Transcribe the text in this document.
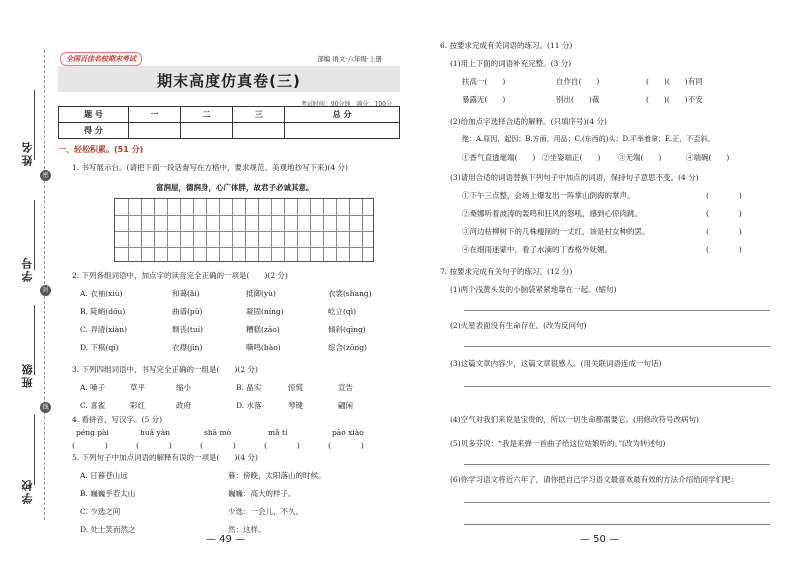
姓名
密
学号
封
班级
线
学校
全国百佳名校期末考试	部编 语文·六年级·上册
期末高度仿真卷(三)
考试时间：90分钟　满分：100分
题 号	一	二	三	总 分
得 分				
一、轻松积累。(51 分)
1. 书写展示台。(请把下面一段话誊写在方格中，要求规范、美观地抄写下来)(4 分)
富润屋，德润身，心广体胖，故君子必诚其意。
2. 下列各组词语中，加点字的读音完全正确的一项是(　　)(2 分)
A. 衣袖(xiù)	和蔼(ǎi)	抵御(yù)	衣裳(shang)
B. 陡峭(dǒu)	曲谱(pǔ)	凝固(níng)	屹立(qì)
C. 弄清(xiàn)	颓丧(tuí)	糟糕(zāo)	倾斜(qīng)
D. 下棋(qí)	衣襟(jīn)	嘶鸣(bào)	综合(zōng)
3. 下列四组词语中，书写完全正确的一组是(　　)(2 分)
A. 嗓子	草平	缩小	B. 晶实	惊慌	宣告
C. 喜雀	彩红	政府	D. 水落	琴键	翩闲
4. 看拼音，写汉字。(5 分)
péng pài
(　　　　)
huǎ yàn
(　　　　)
shā mò
(　　　　)
mǎ tí
(　　　　)
pāo xiào
(　　　　)
5. 下列句子中加点词语的解释有误的一项是(　　)(4 分)
A. 日暮苍山远	暮：傍晚，太阳落山的时候。
B. 巍巍乎若太山	巍巍：高大的样子。
C. 少选之间	少选：一会儿，不久。
D. 处士笑而然之	然：这样。
— 49 —
6. 按要求完成有关词语的练习。(11 分)
(1)用上下面的词语补充完整。(3 分)
扶高一(　　)	自作自(　　)	(　　)(　　)有同
暴露无(　　)	别出(　　)裁	(　　)(　　)不安
(2)给加点字选择合适的解释。(只填序号)(4 分)
绝：A.原因，起因；B.方面，用品；C.(东西的)头；D.平举着拿；E.正，不歪斜。
①香气直透毫端(　　) ②坐姿端正(　　) ③无端(　　)	④端碗(　　)
(3)请用合适的词语替换下列句子中加点的词语，保持句子意思不变。(4 分)
①下午三点整，会场上爆发出一阵掌山倒海的掌声。	(　　　　)
②桑娜听着波涛的轰鸣和狂风的怒吼，感到心惊肉跳。	(　　　　)
③河边枯柳树下的几株瘦削的一丈红，该是村女种的罢。	(　　　　)
④在细雨迷蒙中，看了水滴的丁香格外妩媚。	(　　　　)
7. 按要求完成有关句子的练习。(12 分)
(1)两个浅黄头发的小脑袋紧紧地靠在一起。(缩句)
(2)火星表面没有生命存在。(改为反问句)
(3)这篇文章内容少，这篇文章很感人。(用关联词语连成一句话)
(4)空气对我们来说是宝贵的，所以一切生命都需要它。(用修改符号改病句)
(5)贝多芬说：“我是来弹一首曲子给这位姑娘听的。”(改为转述句)
(6)你学习语文将近六年了，请你把自己学习语文最喜欢最有效的方法介绍给同学们吧：
— 50 —
